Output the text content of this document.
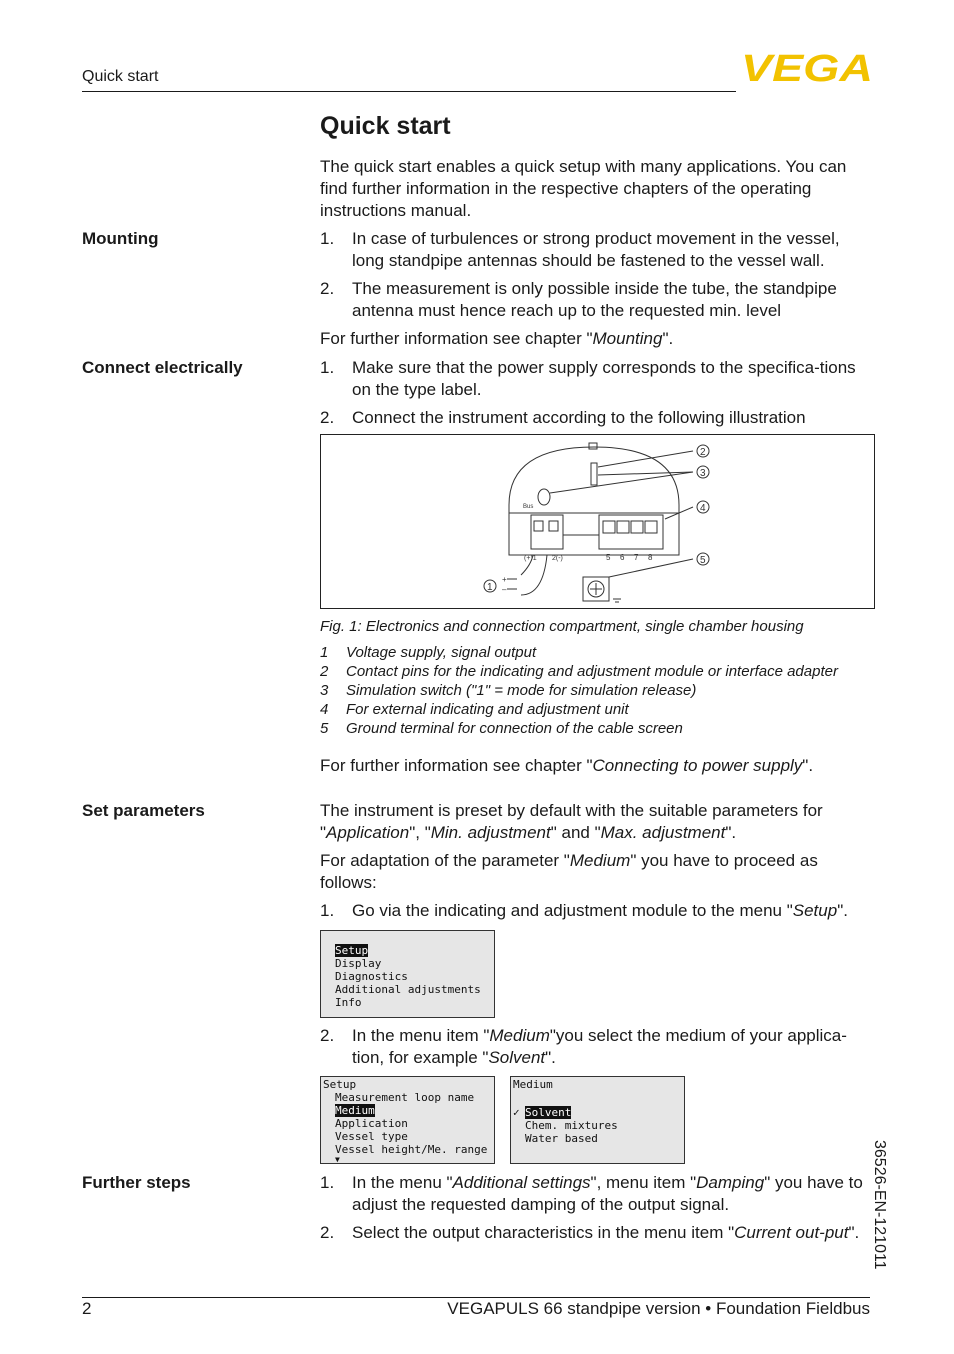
Quick start	VEGA
Quick start
The quick start enables a quick setup with many applications. You can find further information in the respective chapters of the operating instructions manual.
Mounting	1. In case of turbulences or strong product movement in the vessel, long standpipe antennas should be fastened to the vessel wall.
2. The measurement is only possible inside the tube, the standpipe antenna must hence reach up to the requested min. level
For further information see chapter "Mounting".
Connect electrically	1. Make sure that the power supply corresponds to the specifica-tions on the type label.
2. Connect the instrument according to the following illustration
1
2
3
4
5
Bus
(+)1 2(-)	5 6 7 8
+
–
Fig. 1: Electronics and connection compartment, single chamber housing
1 Voltage supply, signal output
2 Contact pins for the indicating and adjustment module or interface adapter
3 Simulation switch ("1" = mode for simulation release)
4 For external indicating and adjustment unit
5 Ground terminal for connection of the cable screen
For further information see chapter "Connecting to power supply".
Set parameters	The instrument is preset by default with the suitable parameters for "Application", "Min. adjustment" and "Max. adjustment".
For adaptation of the parameter "Medium" you have to proceed as follows:
1. Go via the indicating and adjustment module to the menu "Setup".
Setup
Display
Diagnostics
Additional adjustments
Info
2. In the menu item "Medium"you select the medium of your applica-tion, for example "Solvent".
Setup
Measurement loop name
Medium
Application
Vessel type
Vessel height/Me. range
▼
Medium
✓ Solvent
Chem. mixtures
Water based
Further steps	1. In the menu "Additional settings", menu item "Damping" you have to adjust the requested damping of the output signal.
2. Select the output characteristics in the menu item "Current out-put". 36526-EN-121011
2	VEGAPULS 66 standpipe version • Foundation Fieldbus
